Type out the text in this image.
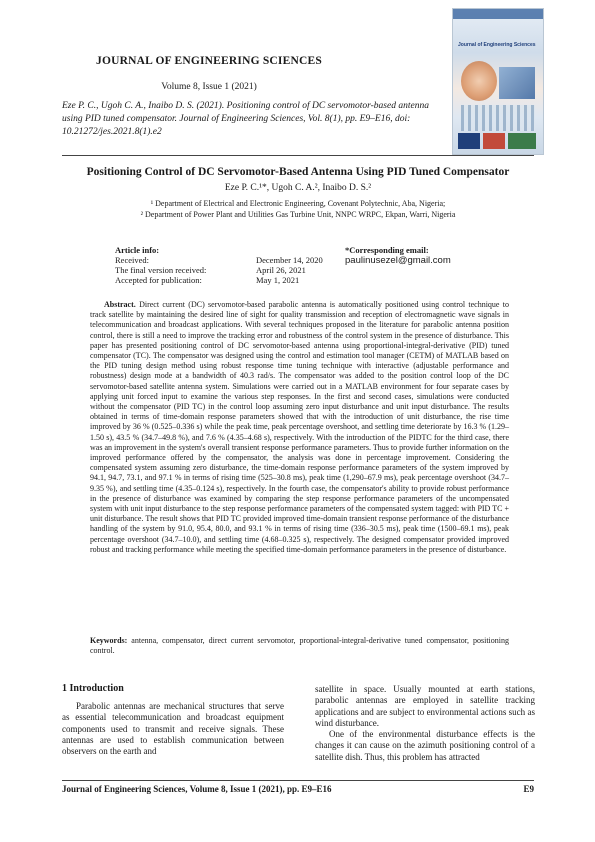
JOURNAL OF ENGINEERING SCIENCES
Volume 8, Issue 1 (2021)
Journal of Engineering Sciences
Eze P. C., Ugoh C. A., Inaibo D. S. (2021). Positioning control of DC servomotor-based antenna using PID tuned compensator. Journal of Engineering Sciences, Vol. 8(1), pp. E9–E16, doi: 10.21272/jes.2021.8(1).e2
Positioning Control of DC Servomotor-Based Antenna Using PID Tuned Compensator
Eze P. C.¹*, Ugoh C. A.², Inaibo D. S.²
¹ Department of Electrical and Electronic Engineering, Covenant Polytechnic, Aba, Nigeria;
² Department of Power Plant and Utilities Gas Turbine Unit, NNPC WRPC, Ekpan, Warri, Nigeria
Article info:
Received:	December 14, 2020
The final version received:	April 26, 2021
Accepted for publication:	May 1, 2021
*Corresponding email:
paulinusezel@gmail.com
Abstract. Direct current (DC) servomotor-based parabolic antenna is automatically positioned using control technique to track satellite by maintaining the desired line of sight for quality transmission and reception of electromagnetic wave signals in telecommunication and broadcast applications. With several techniques proposed in the literature for parabolic antenna position control, there is still a need to improve the tracking error and robustness of the control system in the presence of disturbance. This paper has presented positioning control of DC servomotor-based antenna using proportional-integral-derivative (PID) tuned compensator (TC). The compensator was designed using the control and estimation tool manager (CETM) of MATLAB based on the PID tuning design method using robust response time tuning technique with interactive (adjustable performance and robustness) design mode at a bandwidth of 40.3 rad/s. The compensator was added to the position control loop of the DC servomotor-based satellite antenna system. Simulations were carried out in a MATLAB environment for four separate cases by applying unit forced input to examine the various step responses. In the first and second cases, simulations were conducted without the compensator (PID TC) in the control loop assuming zero input disturbance and unit input disturbance. The results obtained in terms of time-domain response parameters showed that with the introduction of unit disturbance, the rise time improved by 36 % (0.525–0.336 s) while the peak time, peak percentage overshoot, and settling time deteriorate by 16.3 % (1.29–1.50 s), 43.5 % (34.7–49.8 %), and 7.6 % (4.35–4.68 s), respectively. With the introduction of the PIDTC for the third case, there was an improvement in the system's overall transient response performance parameters. Thus to provide further information on the improved performance offered by the compensator, the analysis was done in percentage improvement. Considering the compensated system assuming zero disturbance, the time-domain response performance parameters of the system improved by 94.1, 94.7, 73.1, and 97.1 % in terms of rising time (525–30.8 ms), peak time (1,290–67.9 ms), peak percentage overshoot (34.7–9.35 %), and settling time (4.35–0.124 s), respectively. In the fourth case, the compensator's ability to provide robust performance in the presence of disturbance was examined by comparing the step response performance parameters of the uncompensated system with unit input disturbance to the step response performance parameters of the compensated system tagged: with PID TC + unit disturbance. The result shows that PID TC provided improved time-domain transient response performance of the disturbance handling of the system by 91.0, 95.4, 80.0, and 93.1 % in terms of rising time (336–30.5 ms), peak time (1500–69.1 ms), peak percentage overshoot (34.7–10.0), and settling time (4.68–0.325 s), respectively. The designed compensator provided improved robust and tracking performance while meeting the specified time-domain performance parameters in the presence of disturbance.
Keywords: antenna, compensator, direct current servomotor, proportional-integral-derivative tuned compensator, positioning control.
1 Introduction
Parabolic antennas are mechanical structures that serve as essential telecommunication and broadcast equipment components used to transmit and receive signals. These antennas are used to establish communication between observers on the earth and
satellite in space. Usually mounted at earth stations, parabolic antennas are employed in satellite tracking applications and are subject to environmental actions such as wind disturbance.
One of the environmental disturbance effects is the changes it can cause on the azimuth positioning control of a satellite dish. Thus, this problem has attracted
Journal of Engineering Sciences, Volume 8, Issue 1 (2021), pp. E9–E16	E9
